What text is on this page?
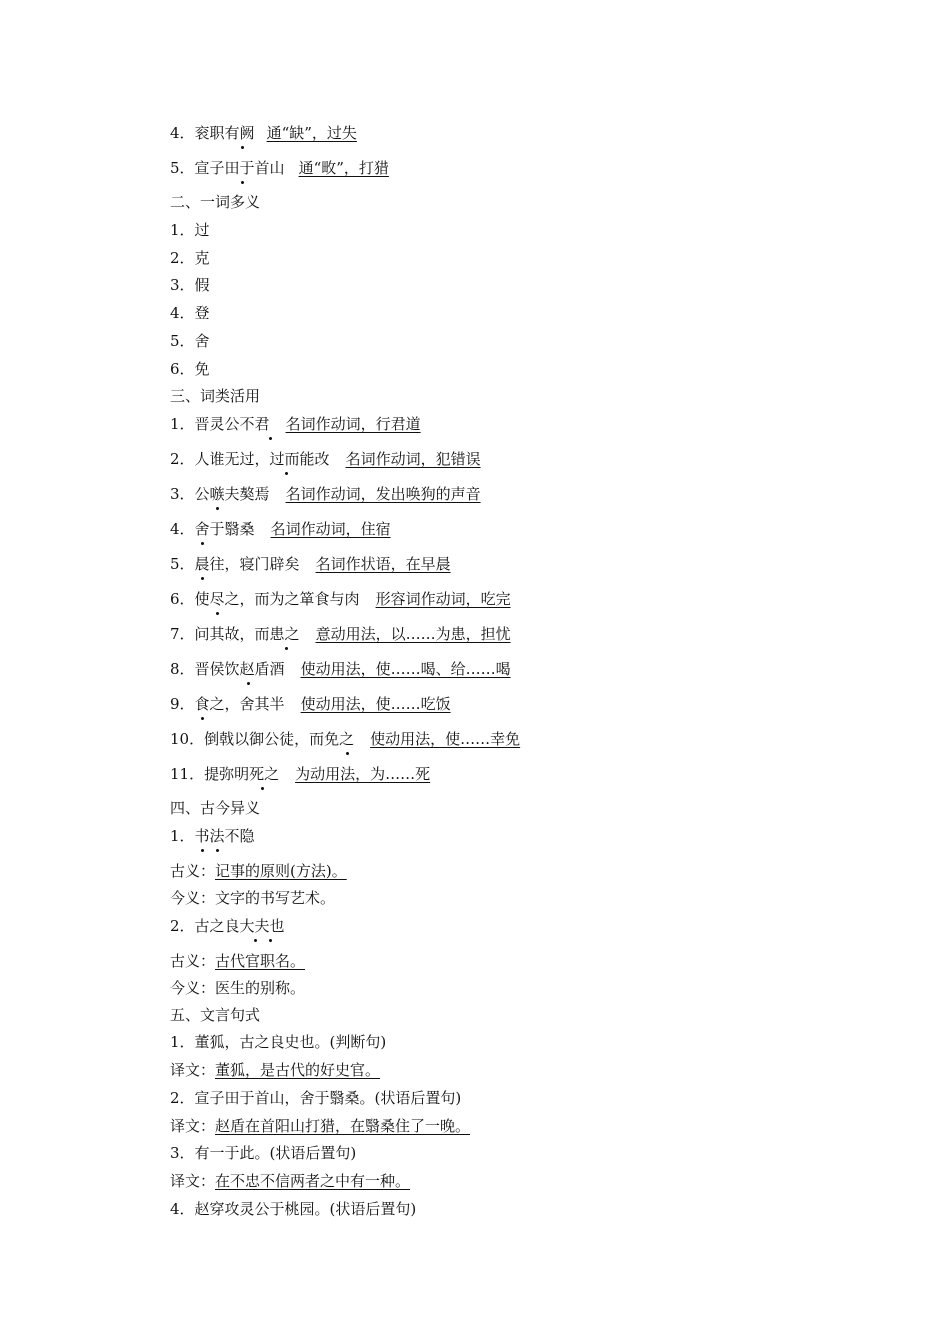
4．衮职有阙 通“缺”，过失
5．宣子田于首山 通“畋”，打猎
二、一词多义
1．过
2．克
3．假
4．登
5．舍
6．免
三、词类活用
1．晋灵公不君 名词作动词，行君道
2．人谁无过，过而能改 名词作动词，犯错误
3．公嗾夫獒焉 名词作动词，发出唤狗的声音
4．舍于翳桑 名词作动词，住宿
5．晨往，寝门辟矣 名词作状语，在早晨
6．使尽之，而为之箪食与肉 形容词作动词，吃完
7．问其故，而患之 意动用法，以……为患，担忧
8．晋侯饮赵盾酒 使动用法，使……喝、给……喝
9．食之，舍其半 使动用法，使……吃饭
10．倒戟以御公徒，而免之 使动用法，使……幸免
11．提弥明死之 为动用法，为……死
四、古今异义
1．书法不隐
古义：记事的原则(方法)。
今义：文字的书写艺术。
2．古之良大夫也
古义：古代官职名。
今义：医生的别称。
五、文言句式
1．董狐，古之良史也。(判断句)
译文：董狐，是古代的好史官。
2．宣子田于首山，舍于翳桑。(状语后置句)
译文：赵盾在首阳山打猎，在翳桑住了一晚。
3．有一于此。(状语后置句)
译文：在不忠不信两者之中有一种。
4．赵穿攻灵公于桃园。(状语后置句)
